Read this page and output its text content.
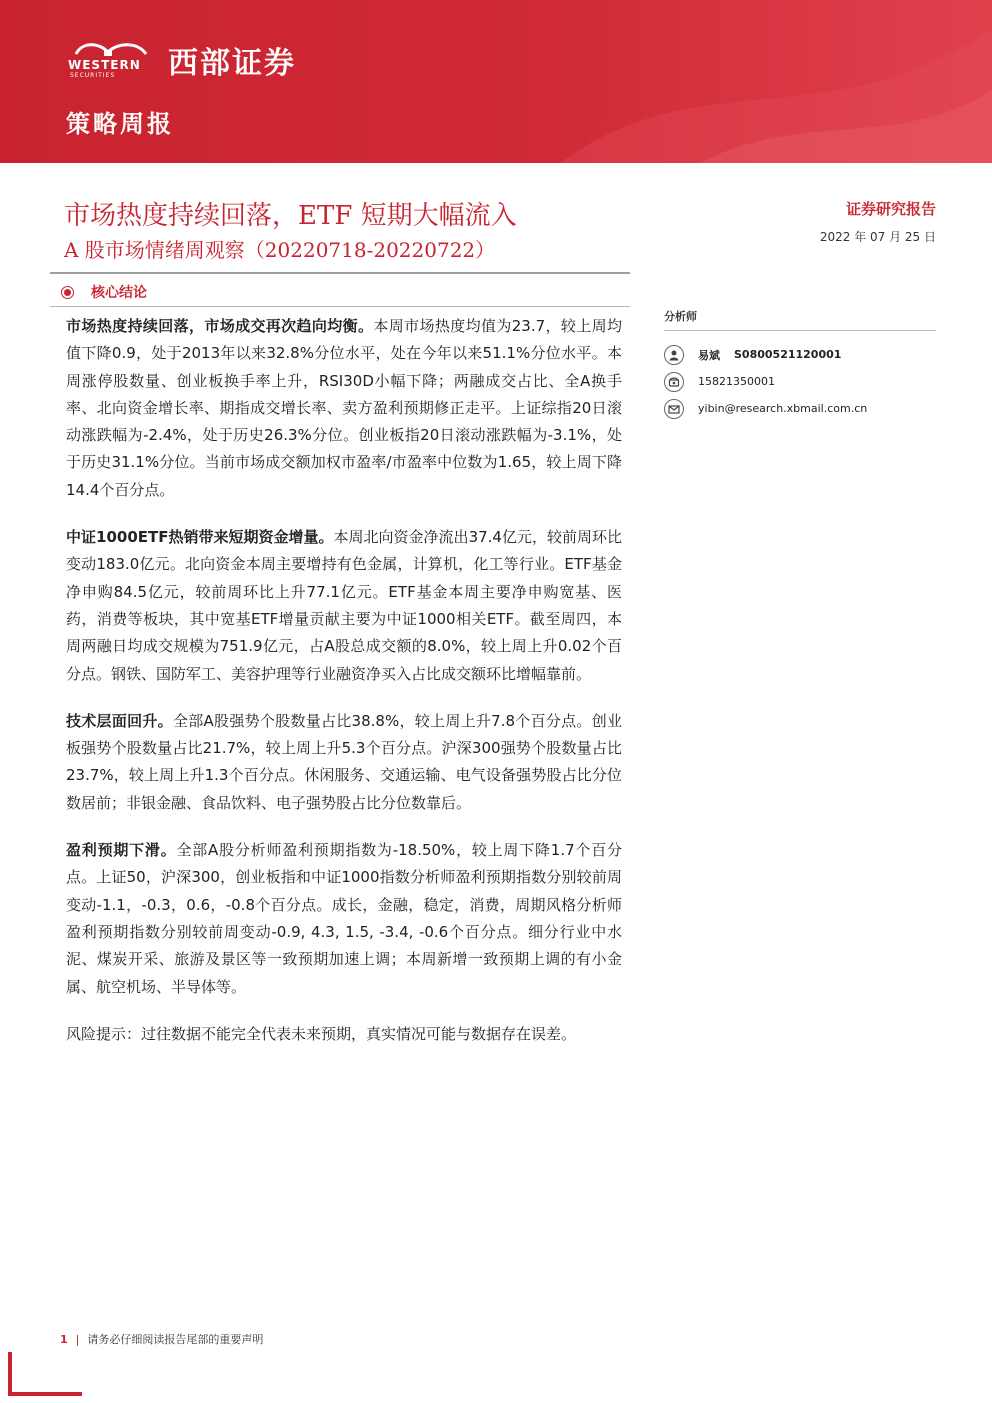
WESTERN
SECURITIES 西部证券
策略周报
市场热度持续回落，ETF 短期大幅流入
A 股市场情绪周观察（20220718-20220722）
证券研究报告
2022 年 07 月 25 日
核心结论

市场热度持续回落，市场成交再次趋向均衡。本周市场热度均值为23.7，较上周均值下降0.9，处于2013年以来32.8%分位水平，处在今年以来51.1%分位水平。本周涨停股数量、创业板换手率上升，RSI30D小幅下降；两融成交占比、全A换手率、北向资金增长率、期指成交增长率、卖方盈利预期修正走平。上证综指20日滚动涨跌幅为-2.4%，处于历史26.3%分位。创业板指20日滚动涨跌幅为-3.1%，处于历史31.1%分位。当前市场成交额加权市盈率/市盈率中位数为1.65，较上周下降14.4个百分点。

中证1000ETF热销带来短期资金增量。本周北向资金净流出37.4亿元，较前周环比变动183.0亿元。北向资金本周主要增持有色金属，计算机，化工等行业。ETF基金净申购84.5亿元，较前周环比上升77.1亿元。ETF基金本周主要净申购宽基、医药，消费等板块，其中宽基ETF增量贡献主要为中证1000相关ETF。截至周四，本周两融日均成交规模为751.9亿元，占A股总成交额的8.0%，较上周上升0.02个百分点。钢铁、国防军工、美容护理等行业融资净买入占比成交额环比增幅靠前。

技术层面回升。全部A股强势个股数量占比38.8%，较上周上升7.8个百分点。创业板强势个股数量占比21.7%，较上周上升5.3个百分点。沪深300强势个股数量占比23.7%，较上周上升1.3个百分点。休闲服务、交通运输、电气设备强势股占比分位数居前；非银金融、食品饮料、电子强势股占比分位数靠后。

盈利预期下滑。全部A股分析师盈利预期指数为-18.50%，较上周下降1.7个百分点。上证50，沪深300，创业板指和中证1000指数分析师盈利预期指数分别较前周变动-1.1，-0.3，0.6，-0.8个百分点。成长，金融，稳定，消费，周期风格分析师盈利预期指数分别较前周变动-0.9, 4.3, 1.5, -3.4, -0.6个百分点。细分行业中水泥、煤炭开采、旅游及景区等一致预期加速上调；本周新增一致预期上调的有小金属、航空机场、半导体等。

风险提示：过往数据不能完全代表未来预期，真实情况可能与数据存在误差。

分析师
易斌 S0800521120001
15821350001
yibin@research.xbmail.com.cn
1 | 请务必仔细阅读报告尾部的重要声明
